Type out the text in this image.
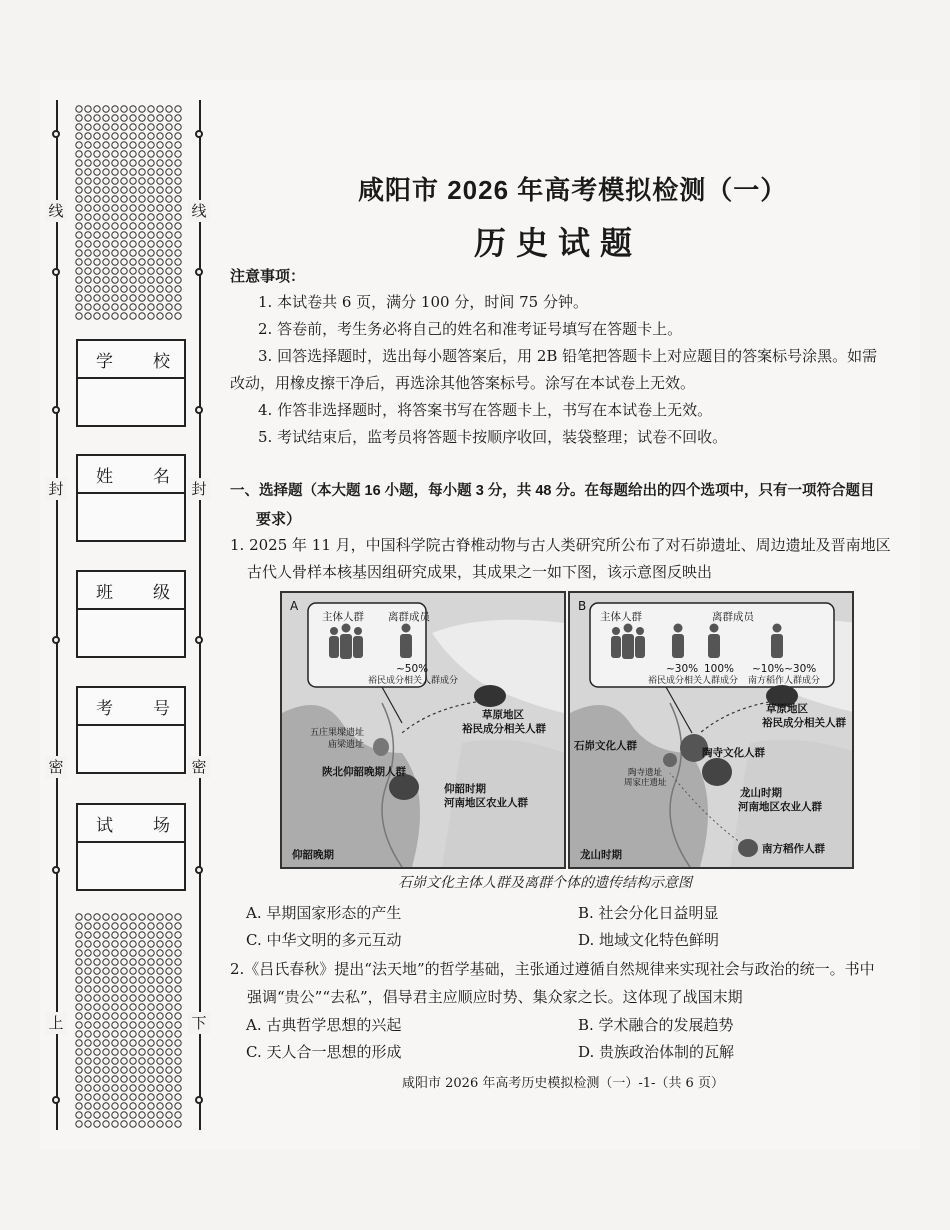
线	线
封	封
密	密
上	下
学 校
姓 名
班 级
考 号
试 场
咸阳市 2026 年高考模拟检测（一）
历史试题
注意事项：
1. 本试卷共 6 页，满分 100 分，时间 75 分钟。
2. 答卷前，考生务必将自己的姓名和准考证号填写在答题卡上。
3. 回答选择题时，选出每小题答案后，用 2B 铅笔把答题卡上对应题目的答案标号涂黑。如需
改动，用橡皮擦干净后，再选涂其他答案标号。涂写在本试卷上无效。
4. 作答非选择题时，将答案书写在答题卡上，书写在本试卷上无效。
5. 考试结束后，监考员将答题卡按顺序收回，装袋整理；试卷不回收。
一、选择题（本大题 16 小题，每小题 3 分，共 48 分。在每题给出的四个选项中，只有一项符合题目
要求）
1. 2025 年 11 月，中国科学院古脊椎动物与古人类研究所公布了对石峁遗址、周边遗址及晋南地区
古代人骨样本核基因组研究成果，其成果之一如下图，该示意图反映出
A
主体人群 离群成员
~50%
裕民成分相关人群成分
草原地区
裕民成分相关人群
五庄果墚遗址
庙梁遗址
陕北仰韶晚期人群
仰韶时期
河南地区农业人群
仰韶晚期
B
主体人群	离群成员
~30% 100% ~10%~30%
裕民成分相关人群成分 南方稻作人群成分
草原地区
裕民成分相关人群
石峁文化人群
陶寺文化人群
陶寺遗址
周家庄遗址
龙山时期
河南地区农业人群
南方稻作人群
龙山时期
石峁文化主体人群及离群个体的遗传结构示意图
A. 早期国家形态的产生	B. 社会分化日益明显
C. 中华文明的多元互动	D. 地域文化特色鲜明
2.《吕氏春秋》提出“法天地”的哲学基础，主张通过遵循自然规律来实现社会与政治的统一。书中
强调“贵公”“去私”，倡导君主应顺应时势、集众家之长。这体现了战国末期
A. 古典哲学思想的兴起	B. 学术融合的发展趋势
C. 天人合一思想的形成	D. 贵族政治体制的瓦解
咸阳市 2026 年高考历史模拟检测（一）-1-（共 6 页）
